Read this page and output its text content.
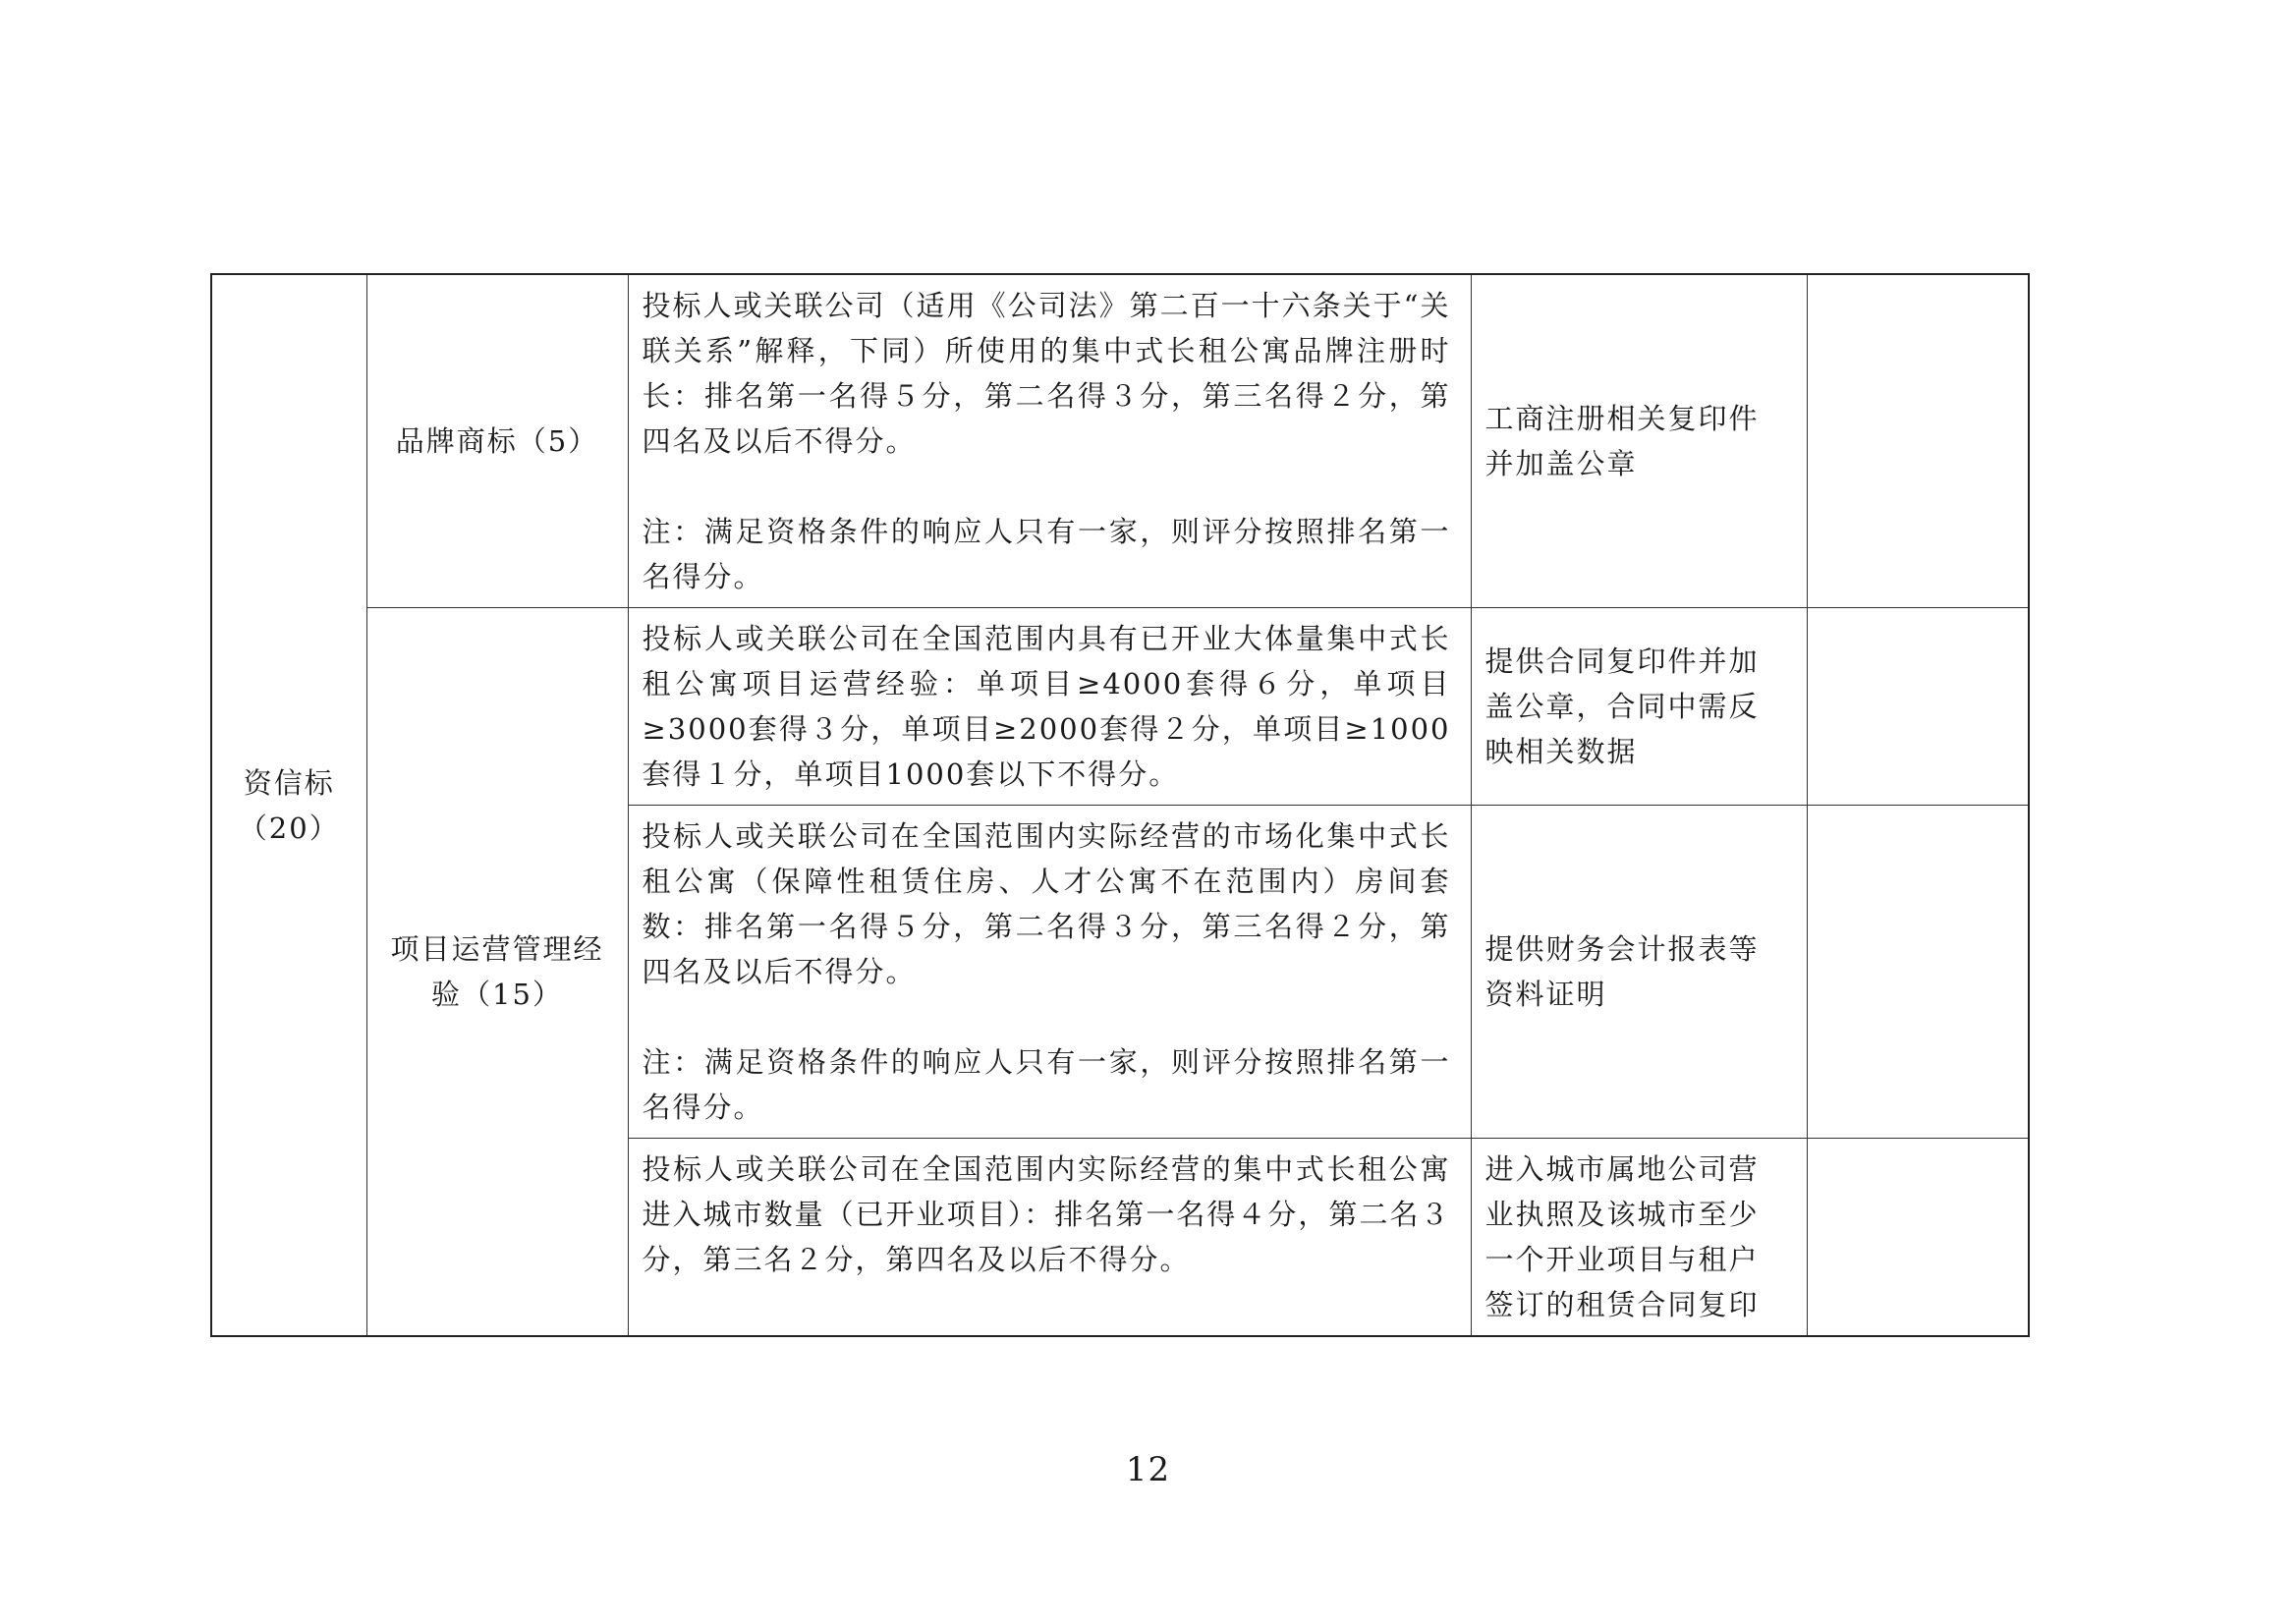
资信标（20）	品牌商标（5）	投标人或关联公司（适用《公司法》第二百一十六条关于“关联关系”解释，下同）所使用的集中式长租公寓品牌注册时长：排名第一名得５分，第二名得３分，第三名得２分，第四名及以后不得分。
注：满足资格条件的响应人只有一家，则评分按照排名第一名得分。	工商注册相关复印件并加盖公章	

	项目运营管理经验（15）	投标人或关联公司在全国范围内具有已开业大体量集中式长租公寓项目运营经验：单项目≥4000套得６分，单项目≥3000套得３分，单项目≥2000套得２分，单项目≥1000套得１分，单项目1000套以下不得分。	提供合同复印件并加盖公章，合同中需反映相关数据	

		投标人或关联公司在全国范围内实际经营的市场化集中式长租公寓（保障性租赁住房、人才公寓不在范围内）房间套数：排名第一名得５分，第二名得３分，第三名得２分，第四名及以后不得分。
注：满足资格条件的响应人只有一家，则评分按照排名第一名得分。	提供财务会计报表等资料证明	

		投标人或关联公司在全国范围内实际经营的集中式长租公寓进入城市数量（已开业项目）：排名第一名得４分，第二名３分，第三名２分，第四名及以后不得分。	进入城市属地公司营业执照及该城市至少一个开业项目与租户签订的租赁合同复印	

12
